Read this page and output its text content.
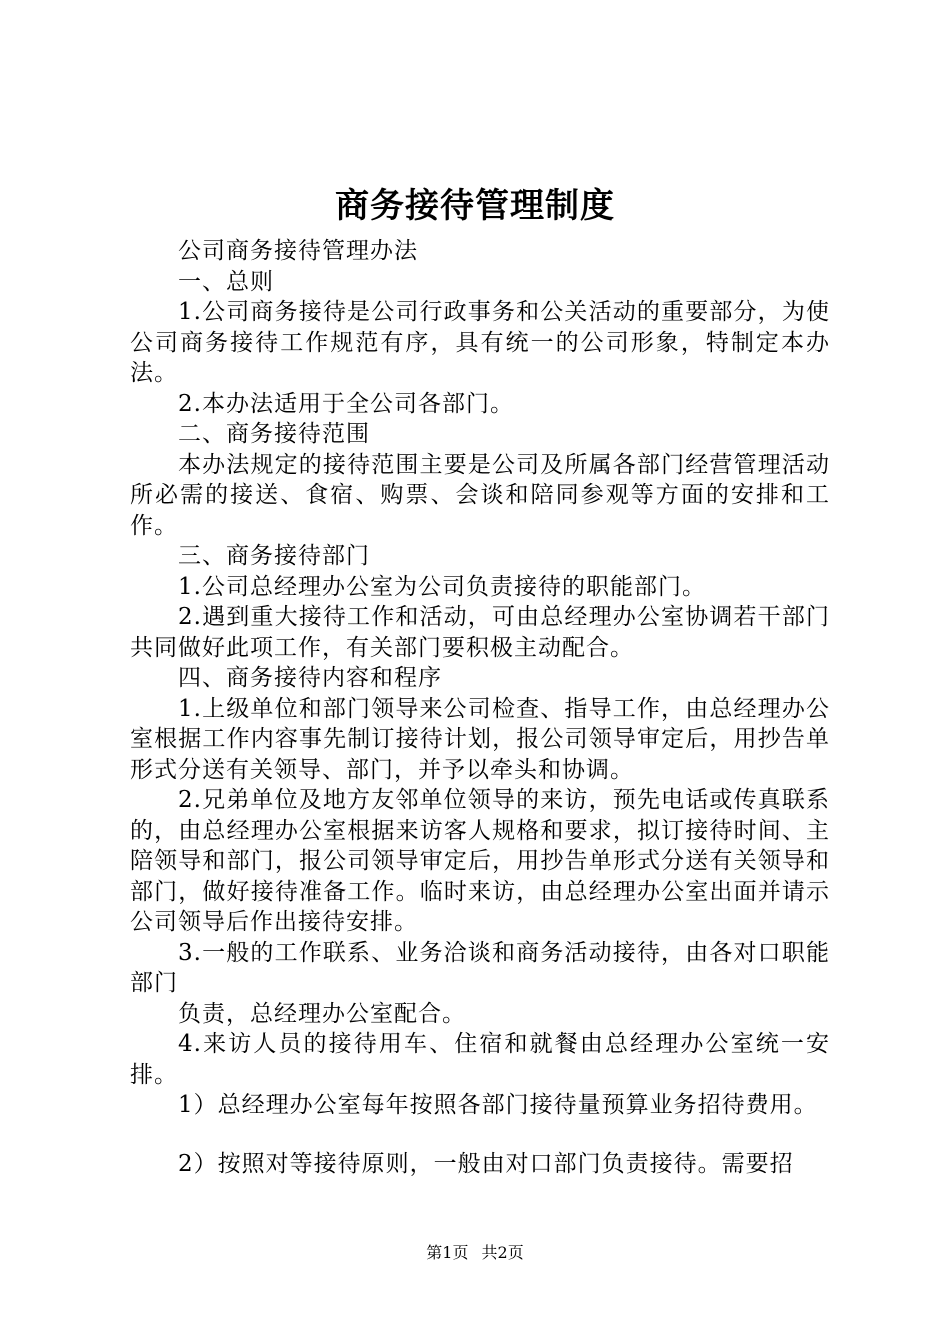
商务接待管理制度

公司商务接待管理办法

一、总则

1.公司商务接待是公司行政事务和公关活动的重要部分，为使公司商务接待工作规范有序，具有统一的公司形象，特制定本办法。

2.本办法适用于全公司各部门。

二、商务接待范围

本办法规定的接待范围主要是公司及所属各部门经营管理活动所必需的接送、食宿、购票、会谈和陪同参观等方面的安排和工作。

三、商务接待部门

1.公司总经理办公室为公司负责接待的职能部门。

2.遇到重大接待工作和活动，可由总经理办公室协调若干部门共同做好此项工作，有关部门要积极主动配合。

四、商务接待内容和程序

1.上级单位和部门领导来公司检查、指导工作，由总经理办公室根据工作内容事先制订接待计划，报公司领导审定后，用抄告单形式分送有关领导、部门，并予以牵头和协调。

2.兄弟单位及地方友邻单位领导的来访，预先电话或传真联系的，由总经理办公室根据来访客人规格和要求，拟订接待时间、主陪领导和部门，报公司领导审定后，用抄告单形式分送有关领导和部门，做好接待准备工作。临时来访，由总经理办公室出面并请示公司领导后作出接待安排。

3.一般的工作联系、业务洽谈和商务活动接待，由各对口职能部门

负责，总经理办公室配合。

4.来访人员的接待用车、住宿和就餐由总经理办公室统一安排。

1）总经理办公室每年按照各部门接待量预算业务招待费用。

2）按照对等接待原则，一般由对口部门负责接待。需要招

第1页 共2页
